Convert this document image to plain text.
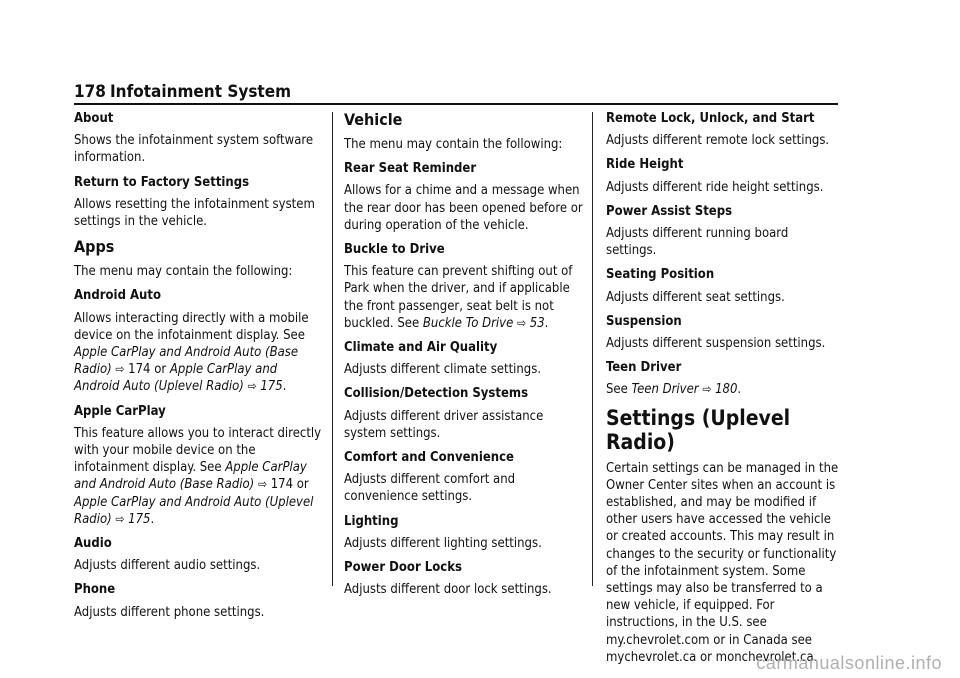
178 Infotainment System

About

Shows the infotainment system software information.

Return to Factory Settings

Allows resetting the infotainment system settings in the vehicle.

Apps

The menu may contain the following:

Android Auto

Allows interacting directly with a mobile device on the infotainment display. See Apple CarPlay and Android Auto (Base Radio) ⇨ 174 or Apple CarPlay and Android Auto (Uplevel Radio) ⇨ 175.

Apple CarPlay

This feature allows you to interact directly with your mobile device on the infotainment display. See Apple CarPlay and Android Auto (Base Radio) ⇨ 174 or Apple CarPlay and Android Auto (Uplevel Radio) ⇨ 175.

Audio

Adjusts different audio settings.

Phone

Adjusts different phone settings.

Vehicle

The menu may contain the following:

Rear Seat Reminder

Allows for a chime and a message when the rear door has been opened before or during operation of the vehicle.

Buckle to Drive

This feature can prevent shifting out of Park when the driver, and if applicable the front passenger, seat belt is not buckled. See Buckle To Drive ⇨ 53.

Climate and Air Quality

Adjusts different climate settings.

Collision/Detection Systems

Adjusts different driver assistance system settings.

Comfort and Convenience

Adjusts different comfort and convenience settings.

Lighting

Adjusts different lighting settings.

Power Door Locks

Adjusts different door lock settings.

Remote Lock, Unlock, and Start

Adjusts different remote lock settings.

Ride Height

Adjusts different ride height settings.

Power Assist Steps

Adjusts different running board settings.

Seating Position

Adjusts different seat settings.

Suspension

Adjusts different suspension settings.

Teen Driver

See Teen Driver ⇨ 180.

Settings (Uplevel Radio)

Certain settings can be managed in the Owner Center sites when an account is established, and may be modified if other users have accessed the vehicle or created accounts. This may result in changes to the security or functionality of the infotainment system. Some settings may also be transferred to a new vehicle, if equipped. For instructions, in the U.S. see my.chevrolet.com or in Canada see mychevrolet.ca or monchevrolet.ca.

carmanualsonline.info
